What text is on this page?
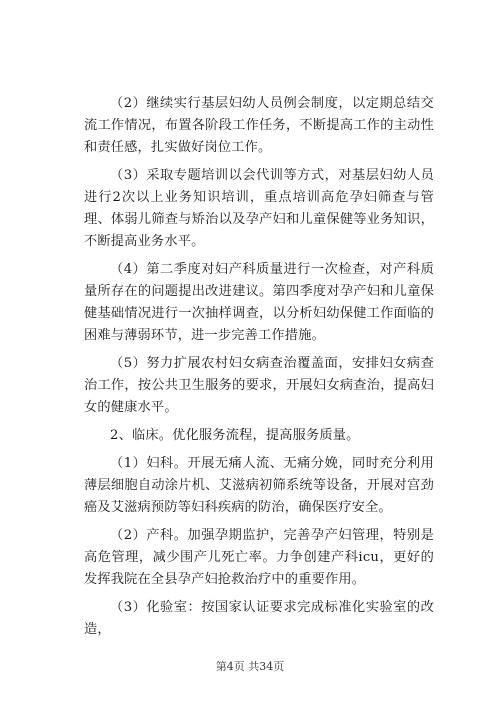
（2）继续实行基层妇幼人员例会制度，以定期总结交流工作情况，布置各阶段工作任务，不断提高工作的主动性和责任感，扎实做好岗位工作。

（3）采取专题培训以会代训等方式，对基层妇幼人员进行2次以上业务知识培训，重点培训高危孕妇筛查与管理、体弱儿筛查与矫治以及孕产妇和儿童保健等业务知识，不断提高业务水平。

（4）第二季度对妇产科质量进行一次检查，对产科质量所存在的问题提出改进建议。第四季度对孕产妇和儿童保健基础情况进行一次抽样调查，以分析妇幼保健工作面临的困难与薄弱环节，进一步完善工作措施。

（5）努力扩展农村妇女病查治覆盖面，安排妇女病查治工作，按公共卫生服务的要求，开展妇女病查治，提高妇女的健康水平。

2、临床。优化服务流程，提高服务质量。

（1）妇科。开展无痛人流、无痛分娩，同时充分利用薄层细胞自动涂片机、艾滋病初筛系统等设备，开展对宫劲癌及艾滋病预防等妇科疾病的防治，确保医疗安全。

（2）产科。加强孕期监护，完善孕产妇管理，特别是高危管理，减少围产儿死亡率。力争创建产科icu，更好的发挥我院在全县孕产妇抢救治疗中的重要作用。

（3）化验室：按国家认证要求完成标准化实验室的改造，

第4页 共34页
